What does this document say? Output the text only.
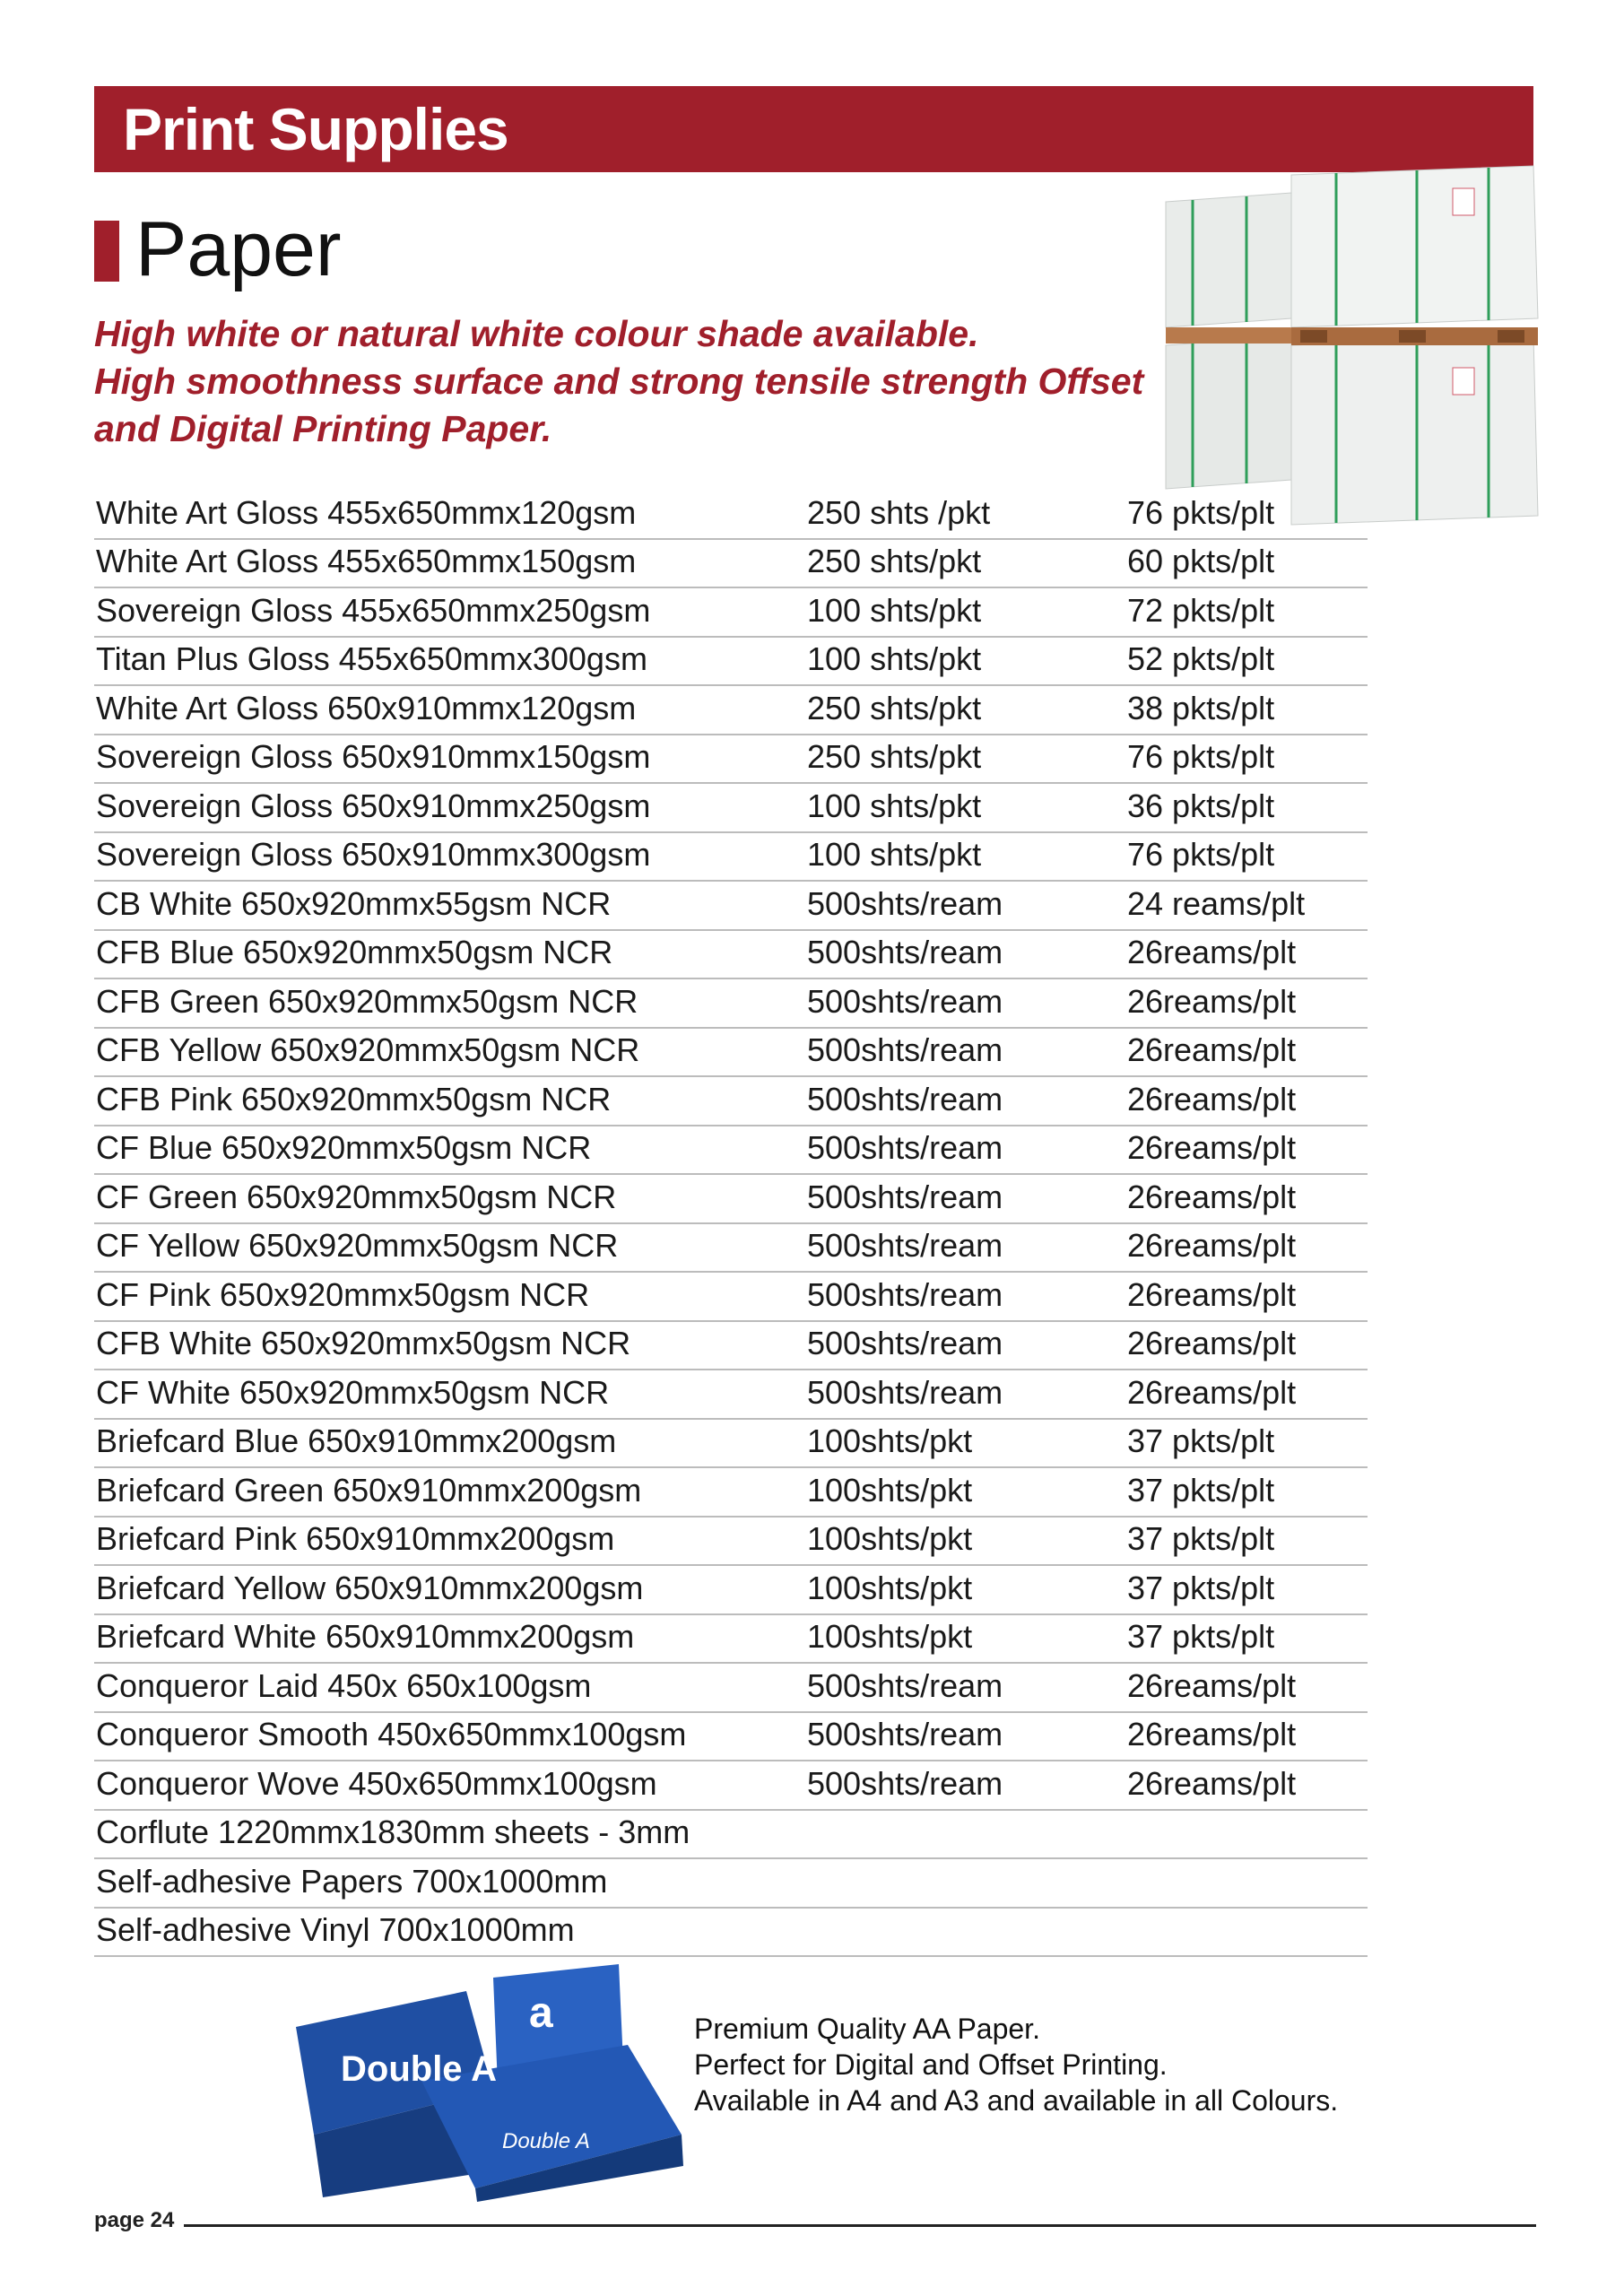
Print Supplies
Paper
High white or natural white colour shade available.
High smoothness surface and strong tensile strength Offset
and Digital Printing Paper.
White Art Gloss 455x650mmx120gsm	250 shts /pkt	76 pkts/plt
White Art Gloss 455x650mmx150gsm	250 shts/pkt	60 pkts/plt
Sovereign Gloss 455x650mmx250gsm	100 shts/pkt	72 pkts/plt
Titan Plus Gloss 455x650mmx300gsm	100 shts/pkt	52 pkts/plt
White Art Gloss 650x910mmx120gsm	250 shts/pkt	38 pkts/plt
Sovereign Gloss 650x910mmx150gsm	250 shts/pkt	76 pkts/plt
Sovereign Gloss 650x910mmx250gsm	100 shts/pkt	36 pkts/plt
Sovereign Gloss 650x910mmx300gsm	100 shts/pkt	76 pkts/plt
CB White 650x920mmx55gsm NCR	500shts/ream	24 reams/plt
CFB Blue 650x920mmx50gsm NCR	500shts/ream	26reams/plt
CFB Green 650x920mmx50gsm NCR	500shts/ream	26reams/plt
CFB Yellow 650x920mmx50gsm NCR	500shts/ream	26reams/plt
CFB Pink 650x920mmx50gsm NCR	500shts/ream	26reams/plt
CF Blue 650x920mmx50gsm NCR	500shts/ream	26reams/plt
CF Green 650x920mmx50gsm NCR	500shts/ream	26reams/plt
CF Yellow 650x920mmx50gsm NCR	500shts/ream	26reams/plt
CF Pink 650x920mmx50gsm NCR	500shts/ream	26reams/plt
CFB White 650x920mmx50gsm NCR	500shts/ream	26reams/plt
CF White 650x920mmx50gsm NCR	500shts/ream	26reams/plt
Briefcard Blue 650x910mmx200gsm	100shts/pkt	37 pkts/plt
Briefcard Green 650x910mmx200gsm	100shts/pkt	37 pkts/plt
Briefcard Pink 650x910mmx200gsm	100shts/pkt	37 pkts/plt
Briefcard Yellow 650x910mmx200gsm	100shts/pkt	37 pkts/plt
Briefcard White 650x910mmx200gsm	100shts/pkt	37 pkts/plt
Conqueror Laid 450x 650x100gsm	500shts/ream	26reams/plt
Conqueror Smooth 450x650mmx100gsm	500shts/ream	26reams/plt
Conqueror Wove 450x650mmx100gsm	500shts/ream	26reams/plt
Corflute 1220mmx1830mm sheets - 3mm
Self-adhesive Papers 700x1000mm
Self-adhesive Vinyl 700x1000mm
Double A
a
Double A
Premium Quality AA Paper.
Perfect for Digital and Offset Printing.
Available in A4 and A3 and available in all Colours.
page 24
